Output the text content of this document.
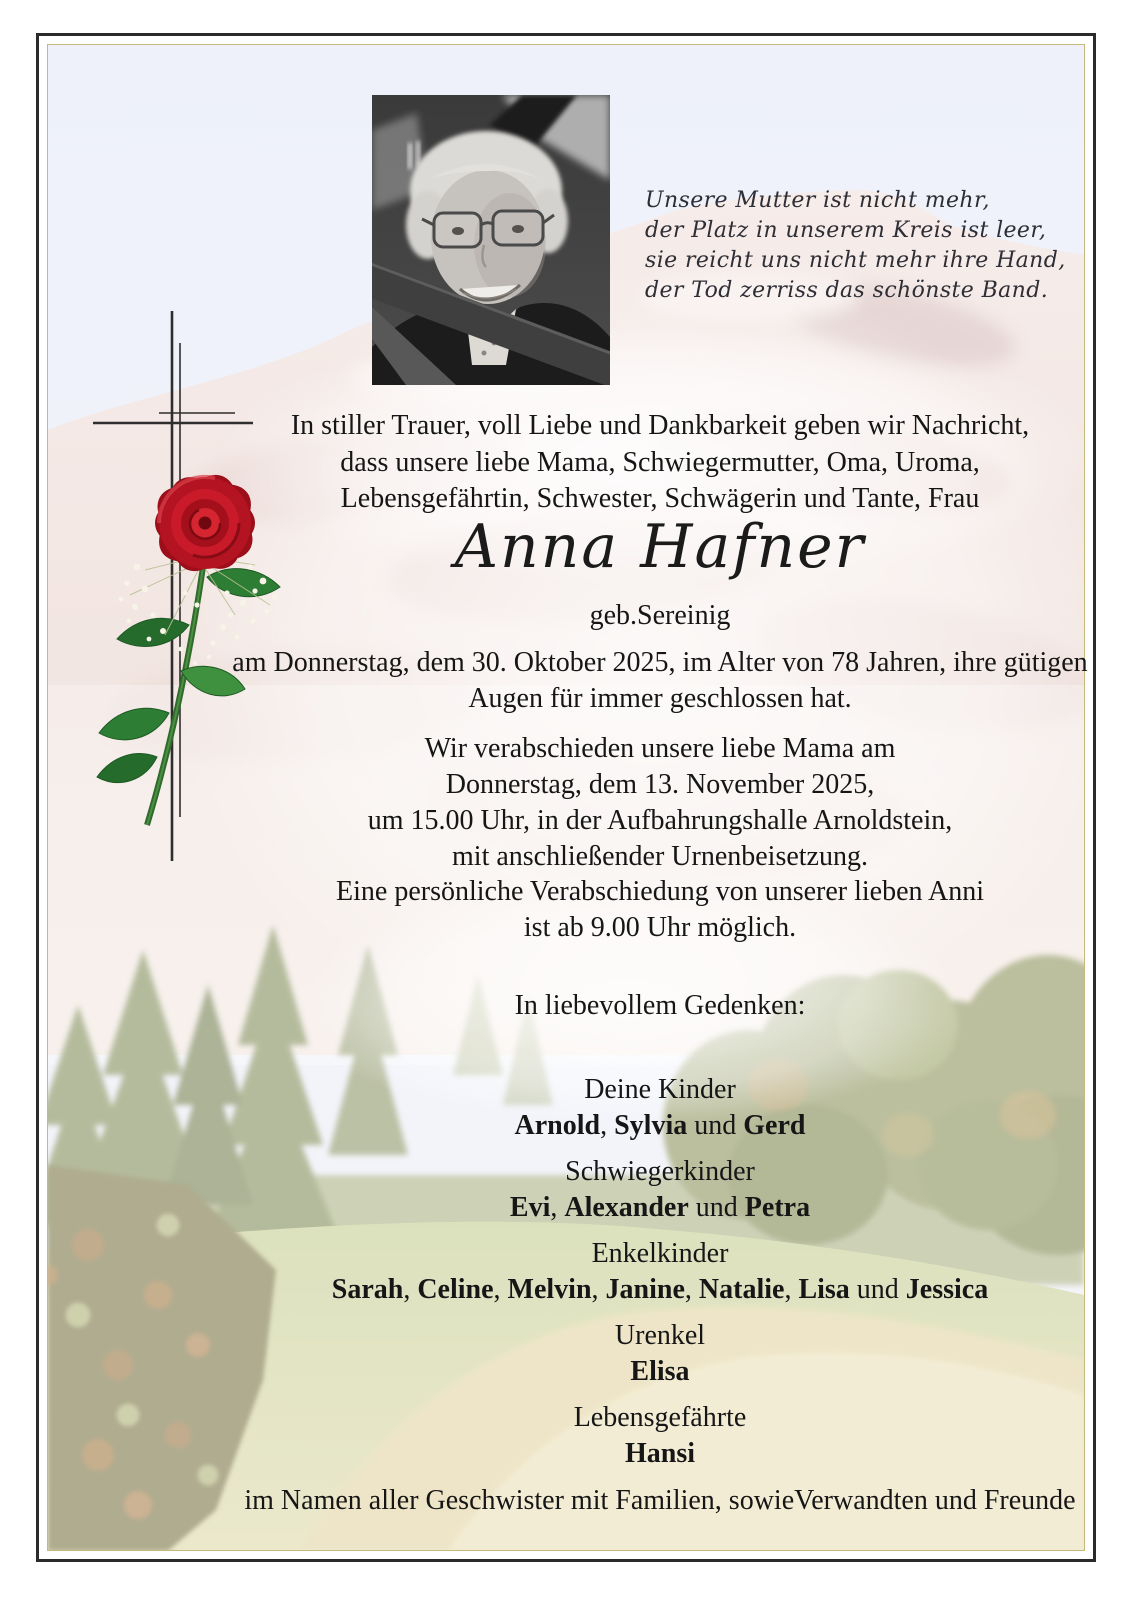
Unsere Mutter ist nicht mehr,
der Platz in unserem Kreis ist leer,
sie reicht uns nicht mehr ihre Hand,
der Tod zerriss das schönste Band.
In stiller Trauer, voll Liebe und Dankbarkeit geben wir Nachricht,
dass unsere liebe Mama, Schwiegermutter, Oma, Uroma,
Lebensgefährtin, Schwester, Schwägerin und Tante, Frau
Anna Hafner
geb.Sereinig
am Donnerstag, dem 30. Oktober 2025, im Alter von 78 Jahren, ihre gütigen
Augen für immer geschlossen hat.
Wir verabschieden unsere liebe Mama am
Donnerstag, dem 13. November 2025,
um 15.00 Uhr, in der Aufbahrungshalle Arnoldstein,
mit anschließender Urnenbeisetzung.
Eine persönliche Verabschiedung von unserer lieben Anni
ist ab 9.00 Uhr möglich.
In liebevollem Gedenken:
Deine Kinder
Arnold, Sylvia und Gerd
Schwiegerkinder
Evi, Alexander und Petra
Enkelkinder
Sarah, Celine, Melvin, Janine, Natalie, Lisa und Jessica
Urenkel
Elisa
Lebensgefährte
Hansi
im Namen aller Geschwister mit Familien, sowieVerwandten und Freunde
